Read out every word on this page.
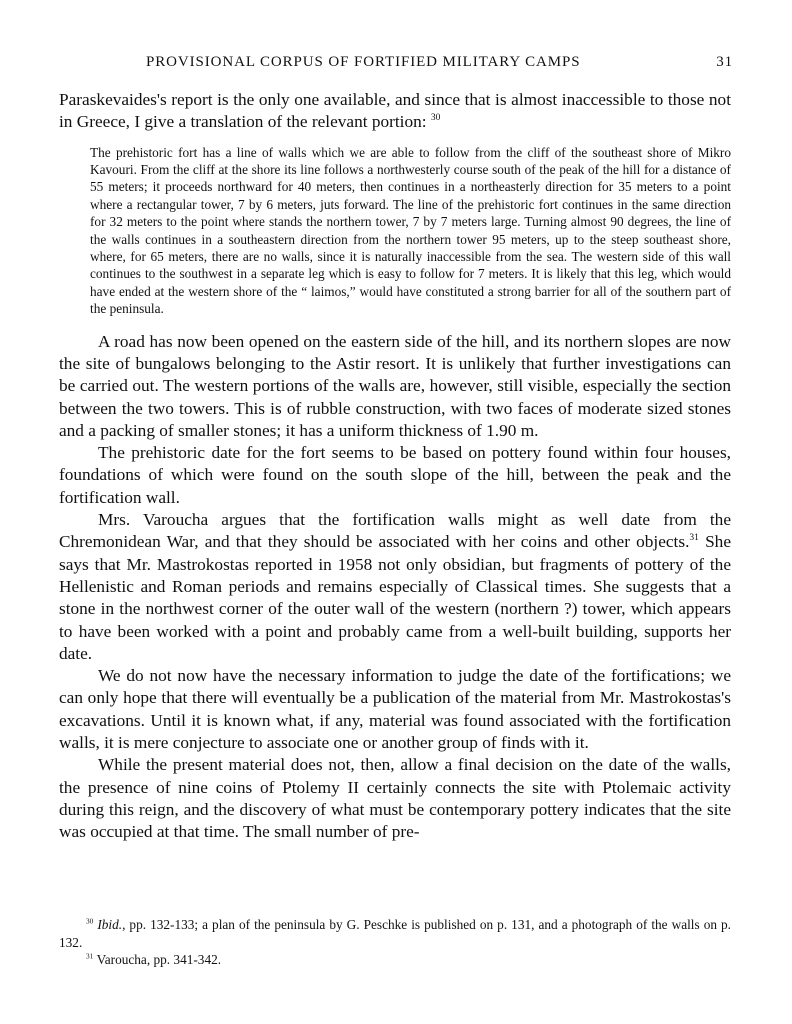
PROVISIONAL CORPUS OF FORTIFIED MILITARY CAMPS	31

Paraskevaides's report is the only one available, and since that is almost inaccessible to those not in Greece, I give a translation of the relevant portion: $^{30}$

The prehistoric fort has a line of walls which we are able to follow from the cliff of the southeast shore of Mikro Kavouri. From the cliff at the shore its line follows a northwesterly course south of the peak of the hill for a distance of 55 meters; it proceeds northward for 40 meters, then continues in a northeasterly direction for 35 meters to a point where a rectangular tower, 7 by 6 meters, juts forward. The line of the prehistoric fort continues in the same direction for 32 meters to the point where stands the northern tower, 7 by 7 meters large. Turning almost 90 degrees, the line of the walls continues in a southeastern direction from the northern tower 95 meters, up to the steep southeast shore, where, for 65 meters, there are no walls, since it is naturally inaccessible from the sea. The western side of this wall continues to the southwest in a separate leg which is easy to follow for 7 meters. It is likely that this leg, which would have ended at the western shore of the “ laimos,” would have constituted a strong barrier for all of the southern part of the peninsula.

A road has now been opened on the eastern side of the hill, and its northern slopes are now the site of bungalows belonging to the Astir resort. It is unlikely that further investigations can be carried out. The western portions of the walls are, however, still visible, especially the section between the two towers. This is of rubble construction, with two faces of moderate sized stones and a packing of smaller stones; it has a uniform thickness of 1.90 m.

The prehistoric date for the fort seems to be based on pottery found within four houses, foundations of which were found on the south slope of the hill, between the peak and the fortification wall.

Mrs. Varoucha argues that the fortification walls might as well date from the Chremonidean War, and that they should be associated with her coins and other objects.$^{31}$ She says that Mr. Mastrokostas reported in 1958 not only obsidian, but fragments of pottery of the Hellenistic and Roman periods and remains especially of Classical times. She suggests that a stone in the northwest corner of the outer wall of the western (northern ?) tower, which appears to have been worked with a point and probably came from a well-built building, supports her date.

We do not now have the necessary information to judge the date of the fortifications; we can only hope that there will eventually be a publication of the material from Mr. Mastrokostas's excavations. Until it is known what, if any, material was found associated with the fortification walls, it is mere conjecture to associate one or another group of finds with it.

While the present material does not, then, allow a final decision on the date of the walls, the presence of nine coins of Ptolemy II certainly connects the site with Ptolemaic activity during this reign, and the discovery of what must be contemporary pottery indicates that the site was occupied at that time. The small number of pre-

$^{30}$ Ibid., pp. 132-133; a plan of the peninsula by G. Peschke is published on p. 131, and a photograph of the walls on p. 132.

$^{31}$ Varoucha, pp. 341-342.
